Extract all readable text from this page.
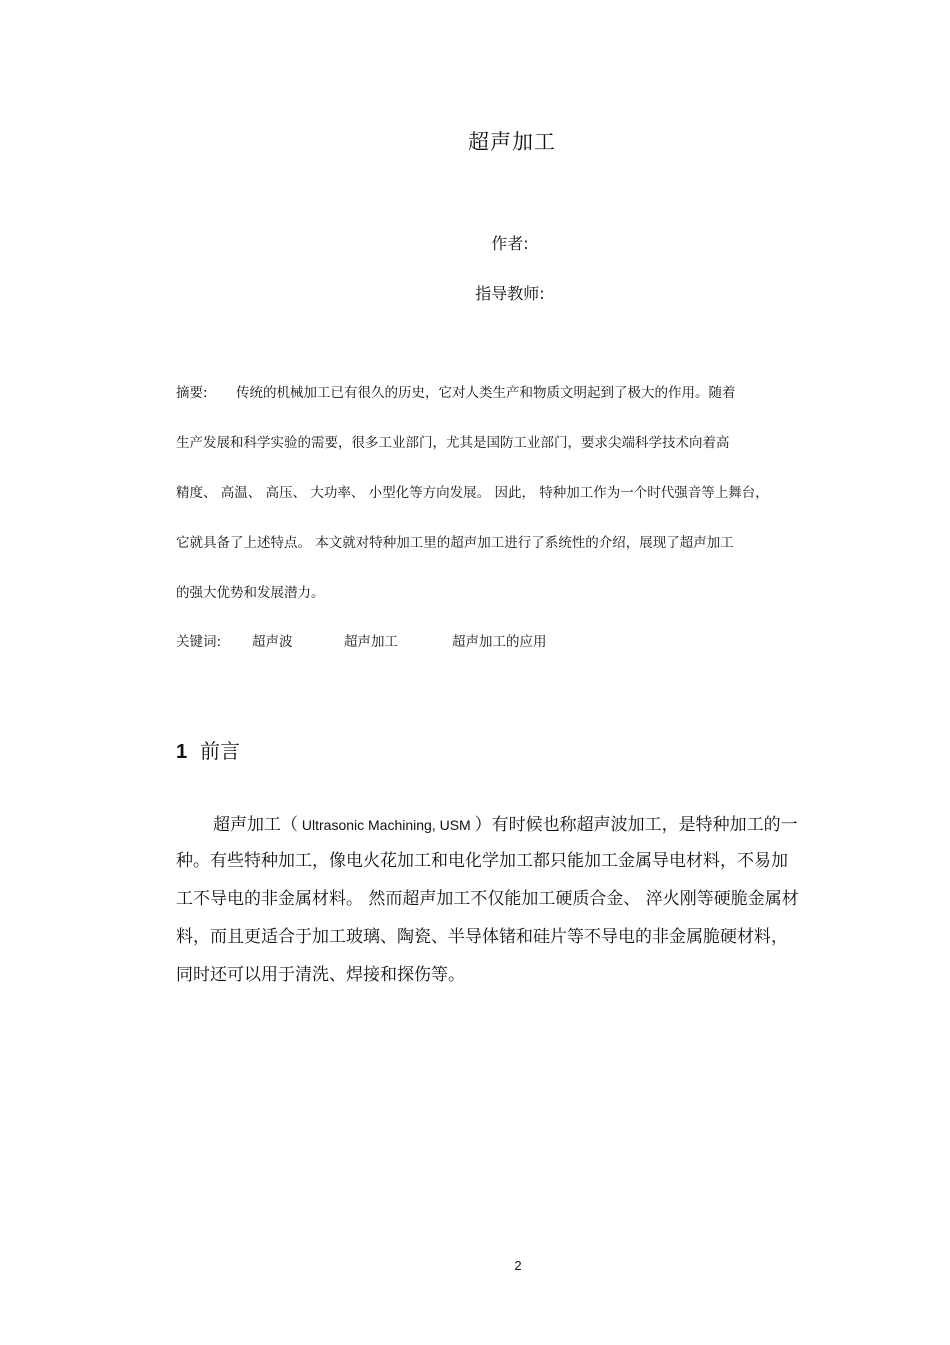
超声加工
作者:
指导教师:
摘要: 传统的机械加工已有很久的历史，它对人类生产和物质文明起到了极大的作用。随着
生产发展和科学实验的需要，很多工业部门，尤其是国防工业部门，要求尖端科学技术向着高
精度、 高温、 高压、 大功率、 小型化等方向发展。 因此， 特种加工作为一个时代强音等上舞台，
它就具备了上述特点。 本文就对特种加工里的超声加工进行了系统性的介绍，展现了超声加工
的强大优势和发展潜力。
关键词: 超声波	超声加工	超声加工的应用
1 前言
超声加工（ Ultrasonic Machining, USM ）有时候也称超声波加工，是特种加工的一
种。有些特种加工，像电火花加工和电化学加工都只能加工金属导电材料，不易加
工不导电的非金属材料。 然而超声加工不仅能加工硬质合金、 淬火刚等硬脆金属材
料，而且更适合于加工玻璃、陶瓷、半导体锗和硅片等不导电的非金属脆硬材料，
同时还可以用于清洗、焊接和探伤等。
2
